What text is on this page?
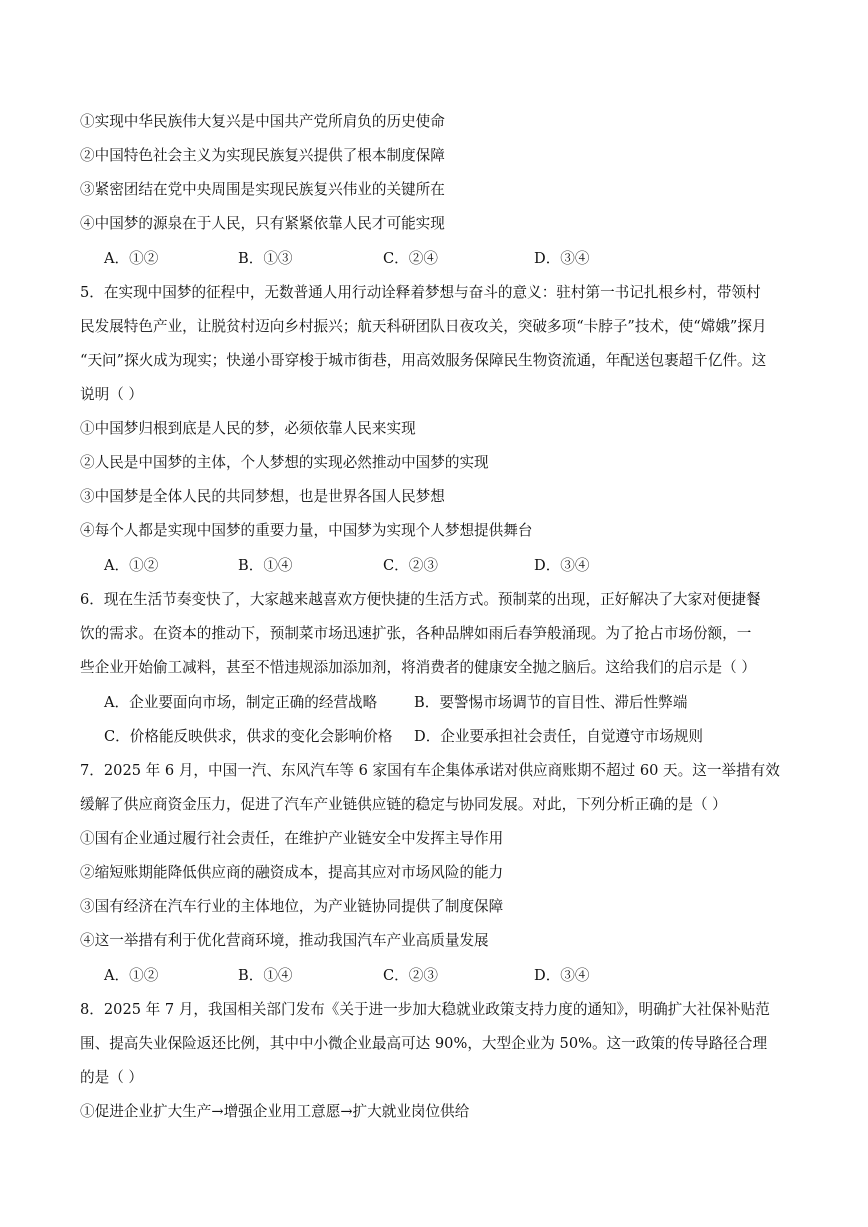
①实现中华民族伟大复兴是中国共产党所肩负的历史使命
②中国特色社会主义为实现民族复兴提供了根本制度保障
③紧密团结在党中央周围是实现民族复兴伟业的关键所在
④中国梦的源泉在于人民，只有紧紧依靠人民才可能实现
A．①②	B．①③	C．②④	D．③④
5．在实现中国梦的征程中，无数普通人用行动诠释着梦想与奋斗的意义：驻村第一书记扎根乡村，带领村
民发展特色产业，让脱贫村迈向乡村振兴；航天科研团队日夜攻关，突破多项“卡脖子”技术，使“嫦娥”探月
“天问”探火成为现实；快递小哥穿梭于城市街巷，用高效服务保障民生物资流通，年配送包裹超千亿件。这
说明（ ）
①中国梦归根到底是人民的梦，必须依靠人民来实现
②人民是中国梦的主体，个人梦想的实现必然推动中国梦的实现
③中国梦是全体人民的共同梦想，也是世界各国人民梦想
④每个人都是实现中国梦的重要力量，中国梦为实现个人梦想提供舞台
A．①②	B．①④	C．②③	D．③④
6．现在生活节奏变快了，大家越来越喜欢方便快捷的生活方式。预制菜的出现，正好解决了大家对便捷餐
饮的需求。在资本的推动下，预制菜市场迅速扩张，各种品牌如雨后春笋般涌现。为了抢占市场份额，一
些企业开始偷工减料，甚至不惜违规添加添加剂，将消费者的健康安全抛之脑后。这给我们的启示是（ ）
A．企业要面向市场，制定正确的经营战略	B．要警惕市场调节的盲目性、滞后性弊端
C．价格能反映供求，供求的变化会影响价格 D．企业要承担社会责任，自觉遵守市场规则
7．2025 年 6 月，中国一汽、东风汽车等 6 家国有车企集体承诺对供应商账期不超过 60 天。这一举措有效
缓解了供应商资金压力，促进了汽车产业链供应链的稳定与协同发展。对此，下列分析正确的是（ ）
①国有企业通过履行社会责任，在维护产业链安全中发挥主导作用
②缩短账期能降低供应商的融资成本，提高其应对市场风险的能力
③国有经济在汽车行业的主体地位，为产业链协同提供了制度保障
④这一举措有利于优化营商环境，推动我国汽车产业高质量发展
A．①②	B．①④	C．②③	D．③④
8．2025 年 7 月，我国相关部门发布《关于进一步加大稳就业政策支持力度的通知》，明确扩大社保补贴范
围、提高失业保险返还比例，其中中小微企业最高可达 90%，大型企业为 50%。这一政策的传导路径合理
的是（ ）
①促进企业扩大生产→增强企业用工意愿→扩大就业岗位供给
